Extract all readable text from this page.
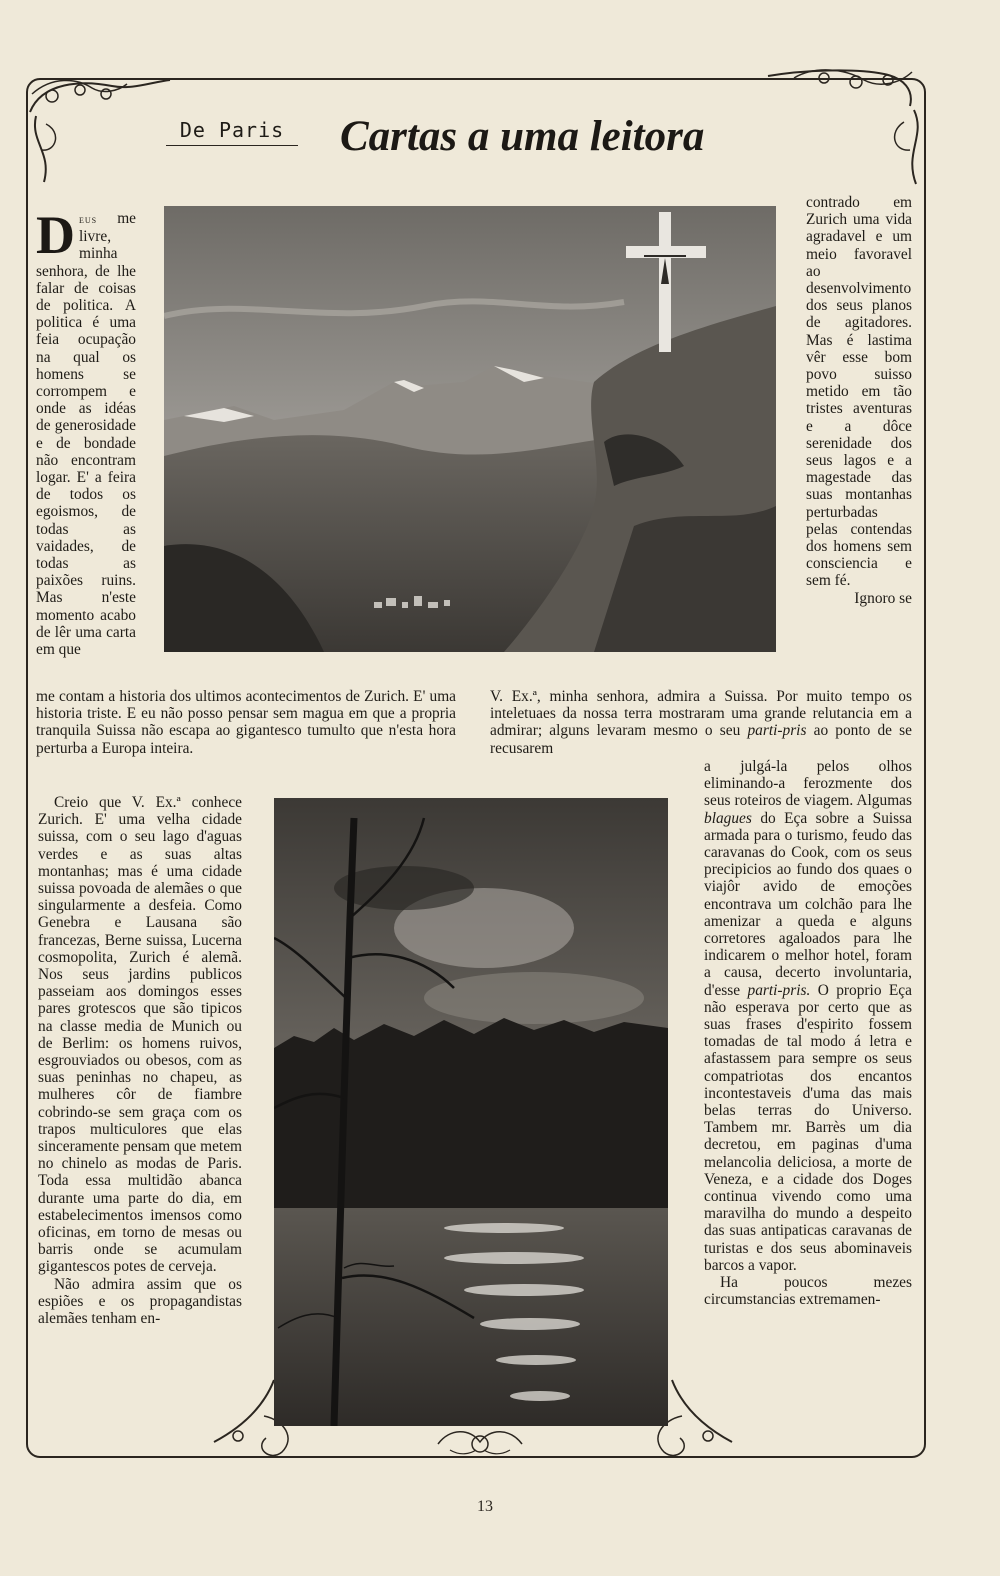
De Paris	Cartas a uma leitora

Deus me livre, minha senhora, de lhe falar de coisas de politica. A politica é uma feia ocupação na qual os homens se corrompem e onde as idéas de generosidade e de bondade não encontram logar. E' a feira de todos os egoismos, de todas as vaidades, de todas as paixões ruins. Mas n'este momento acabo de lêr uma carta em que

contrado em Zurich uma vida agradavel e um meio favoravel ao desenvolvimento dos seus planos de agitadores. Mas é lastima vêr esse bom povo suisso metido em tão tristes aventuras e a dôce serenidade dos seus lagos e a magestade das suas montanhas perturbadas pelas contendas dos homens sem consciencia e sem fé.

Ignoro se

me contam a historia dos ultimos acontecimentos de Zurich. E' uma historia triste. E eu não posso pensar sem magua em que a propria tranquila Suissa não escapa ao gigantesco tumulto que n'esta hora perturba a Europa inteira.

V. Ex.ª, minha senhora, admira a Suissa. Por muito tempo os inteletuaes da nossa terra mostraram uma grande relutancia em a admirar; alguns levaram mesmo o seu parti-pris ao ponto de se recusarem

Creio que V. Ex.ª conhece Zurich. E' uma velha cidade suissa, com o seu lago d'aguas verdes e as suas altas montanhas; mas é uma cidade suissa povoada de alemães o que singularmente a desfeia. Como Genebra e Lausana são francezas, Berne suissa, Lucerna cosmopolita, Zurich é alemã. Nos seus jardins publicos passeiam aos domingos esses pares grotescos que são tipicos na classe media de Munich ou de Berlim: os homens ruivos, esgrouviados ou obesos, com as suas peninhas no chapeu, as mulheres côr de fiambre cobrindo-se sem graça com os trapos multiculores que elas sinceramente pensam que metem no chinelo as modas de Paris. Toda essa multidão abanca durante uma parte do dia, em estabelecimentos imensos como oficinas, em torno de mesas ou barris onde se acumulam gigantescos potes de cerveja.

Não admira assim que os espiões e os propagandistas alemães tenham en-

a julgá-la pelos olhos eliminando-a ferozmente dos seus roteiros de viagem. Algumas blagues do Eça sobre a Suissa armada para o turismo, feudo das caravanas do Cook, com os seus precipicios ao fundo dos quaes o viajôr avido de emoções encontrava um colchão para lhe amenizar a queda e alguns corretores agaloados para lhe indicarem o melhor hotel, foram a causa, decerto involuntaria, d'esse parti-pris. O proprio Eça não esperava por certo que as suas frases d'espirito fossem tomadas de tal modo á letra e afastassem para sempre os seus compatriotas dos encantos incontestaveis d'uma das mais belas terras do Universo. Tambem mr. Barrès um dia decretou, em paginas d'uma melancolia deliciosa, a morte de Veneza, e a cidade dos Doges continua vivendo como uma maravilha do mundo a despeito das suas antipaticas caravanas de turistas e dos seus abominaveis barcos a vapor.

Ha poucos mezes circumstancias extremamen-

13
